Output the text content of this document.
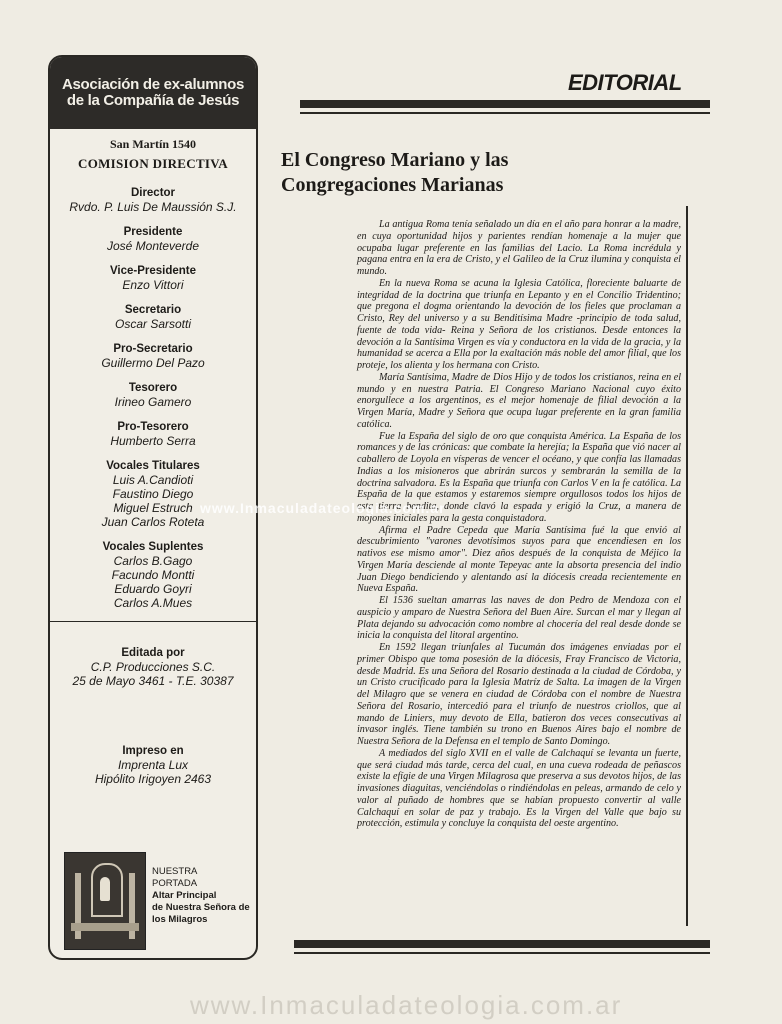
Asociación de ex-alumnos
de la Compañía de Jesús
San Martín 1540
COMISION DIRECTIVA
Director
Rvdo. P. Luis De Maussión S.J.
Presidente
José Monteverde
Vice-Presidente
Enzo Vittori
Secretario
Oscar Sarsotti
Pro-Secretario
Guillermo Del Pazo
Tesorero
Irineo Gamero
Pro-Tesorero
Humberto Serra
Vocales Titulares
Luis A.Candioti
Faustino Diego
Miguel Estruch
Juan Carlos Roteta
Vocales Suplentes
Carlos B.Gago
Facundo Montti
Eduardo Goyri
Carlos A.Mues
Editada por
C.P. Producciones S.C.
25 de Mayo 3461 - T.E. 30387
Impreso en
Imprenta Lux
Hipólito Irigoyen 2463
NUESTRA
PORTADA
Altar Principal
de Nuestra Señora de
los Milagros
EDITORIAL
El Congreso Mariano y las
Congregaciones Marianas

La antigua Roma tenía señalado un día en el año para honrar a la madre, en cuya oportunidad hijos y parientes rendían homenaje a la mujer que ocupaba lugar preferente en las familias del Lacio. La Roma incrédula y pagana entra en la era de Cristo, y el Galileo de la Cruz ilumina y conquista el mundo.

En la nueva Roma se acuna la Iglesia Católica, floreciente baluarte de integridad de la doctrina que triunfa en Lepanto y en el Concilio Tridentino; que pregona el dogma orientando la devoción de los fieles que proclaman a Cristo, Rey del universo y a su Benditísima Madre -principio de toda salud, fuente de toda vida- Reina y Señora de los cristianos. Desde entonces la devoción a la Santísima Virgen es vía y conductora en la vida de la gracia, y la humanidad se acerca a Ella por la exaltación más noble del amor filial, que los proteje, los alienta y los hermana con Cristo.

María Santísima, Madre de Dios Hijo y de todos los cristianos, reina en el mundo y en nuestra Patria. El Congreso Mariano Nacional cuyo éxito enorgullece a los argentinos, es el mejor homenaje de filial devoción a la Virgen María, Madre y Señora que ocupa lugar preferente en la gran familia católica.

Fue la España del siglo de oro que conquista América. La España de los romances y de las crónicas: que combate la herejía; la España que vió nacer al caballero de Loyola en vísperas de vencer el océano, y que confía las llamadas Indias a los misioneros que abrirán surcos y sembrarán la semilla de la doctrina salvadora. Es la España que triunfa con Carlos V en la fe católica. La España de la que estamos y estaremos siempre orgullosos todos los hijos de esta tierra bendita, donde clavó la espada y erigió la Cruz, a manera de mojones iniciales para la gesta conquistadora.

Afirma el Padre Cepeda que María Santísima fué la que envió al descubrimiento "varones devotísimos suyos para que encendiesen en los nativos ese mismo amor". Diez años después de la conquista de Méjico la Virgen María desciende al monte Tepeyac ante la absorta presencia del indio Juan Diego bendiciendo y alentando así la diócesis creada recientemente en Nueva España.

El 1536 sueltan amarras las naves de don Pedro de Mendoza con el auspicio y amparo de Nuestra Señora del Buen Aire. Surcan el mar y llegan al Plata dejando su advocación como nombre al chocería del real desde donde se inicia la conquista del litoral argentino.

En 1592 llegan triunfales al Tucumán dos imágenes enviadas por el primer Obispo que toma posesión de la diócesis, Fray Francisco de Victoria, desde Madrid. Es una Señora del Rosario destinada a la ciudad de Córdoba, y un Cristo crucificado para la Iglesia Matríz de Salta. La imagen de la Virgen del Milagro que se venera en ciudad de Córdoba con el nombre de Nuestra Señora del Rosario, intercedió para el triunfo de nuestros criollos, que al mando de Liniers, muy devoto de Ella, batieron dos veces consecutivas al invasor inglés. Tiene también su trono en Buenos Aires bajo el nombre de Nuestra Señora de la Defensa en el templo de Santo Domingo.

A mediados del siglo XVII en el valle de Calchaquí se levanta un fuerte, que será ciudad más tarde, cerca del cual, en una cueva rodeada de peñascos existe la efígie de una Virgen Milagrosa que preserva a sus devotos hijos, de las invasiones diaguitas, venciéndolas o rindiéndolas en peleas, armando de celo y valor al puñado de hombres que se habían propuesto convertir al valle Calchaquí en solar de paz y trabajo. Es la Virgen del Valle que bajo su protección, estimula y concluye la conquista del oeste argentino.

www.Inmaculadateologia.com.ar
www.Inmaculadateologia.com.ar
